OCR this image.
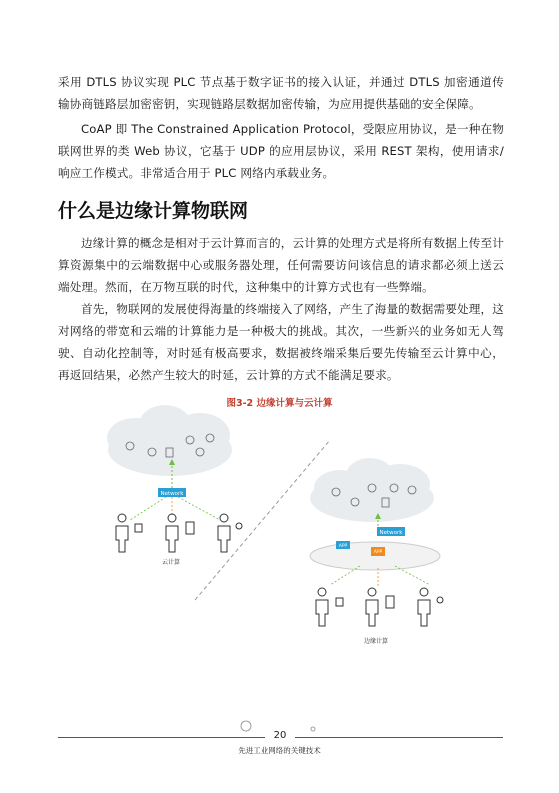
采用 DTLS 协议实现 PLC 节点基于数字证书的接入认证，并通过 DTLS 加密通道传输协商链路层加密密钥，实现链路层数据加密传输，为应用提供基础的安全保障。

CoAP 即 The Constrained Application Protocol，受限应用协议，是一种在物联网世界的类 Web 协议，它基于 UDP 的应用层协议，采用 REST 架构，使用请求/响应工作模式。非常适合用于 PLC 网络内承载业务。

什么是边缘计算物联网

边缘计算的概念是相对于云计算而言的，云计算的处理方式是将所有数据上传至计算资源集中的云端数据中心或服务器处理，任何需要访问该信息的请求都必须上送云端处理。然而，在万物互联的时代，这种集中的计算方式也有一些弊端。

首先，物联网的发展使得海量的终端接入了网络，产生了海量的数据需要处理，这对网络的带宽和云端的计算能力是一种极大的挑战。其次，一些新兴的业务如无人驾驶、自动化控制等，对时延有极高要求，数据被终端采集后要先传输至云计算中心，再返回结果，必然产生较大的时延，云计算的方式不能满足要求。

图3-2 边缘计算与云计算
Network
Network
APP
APP
云计算
边缘计算
20
先进工业网络的关键技术
